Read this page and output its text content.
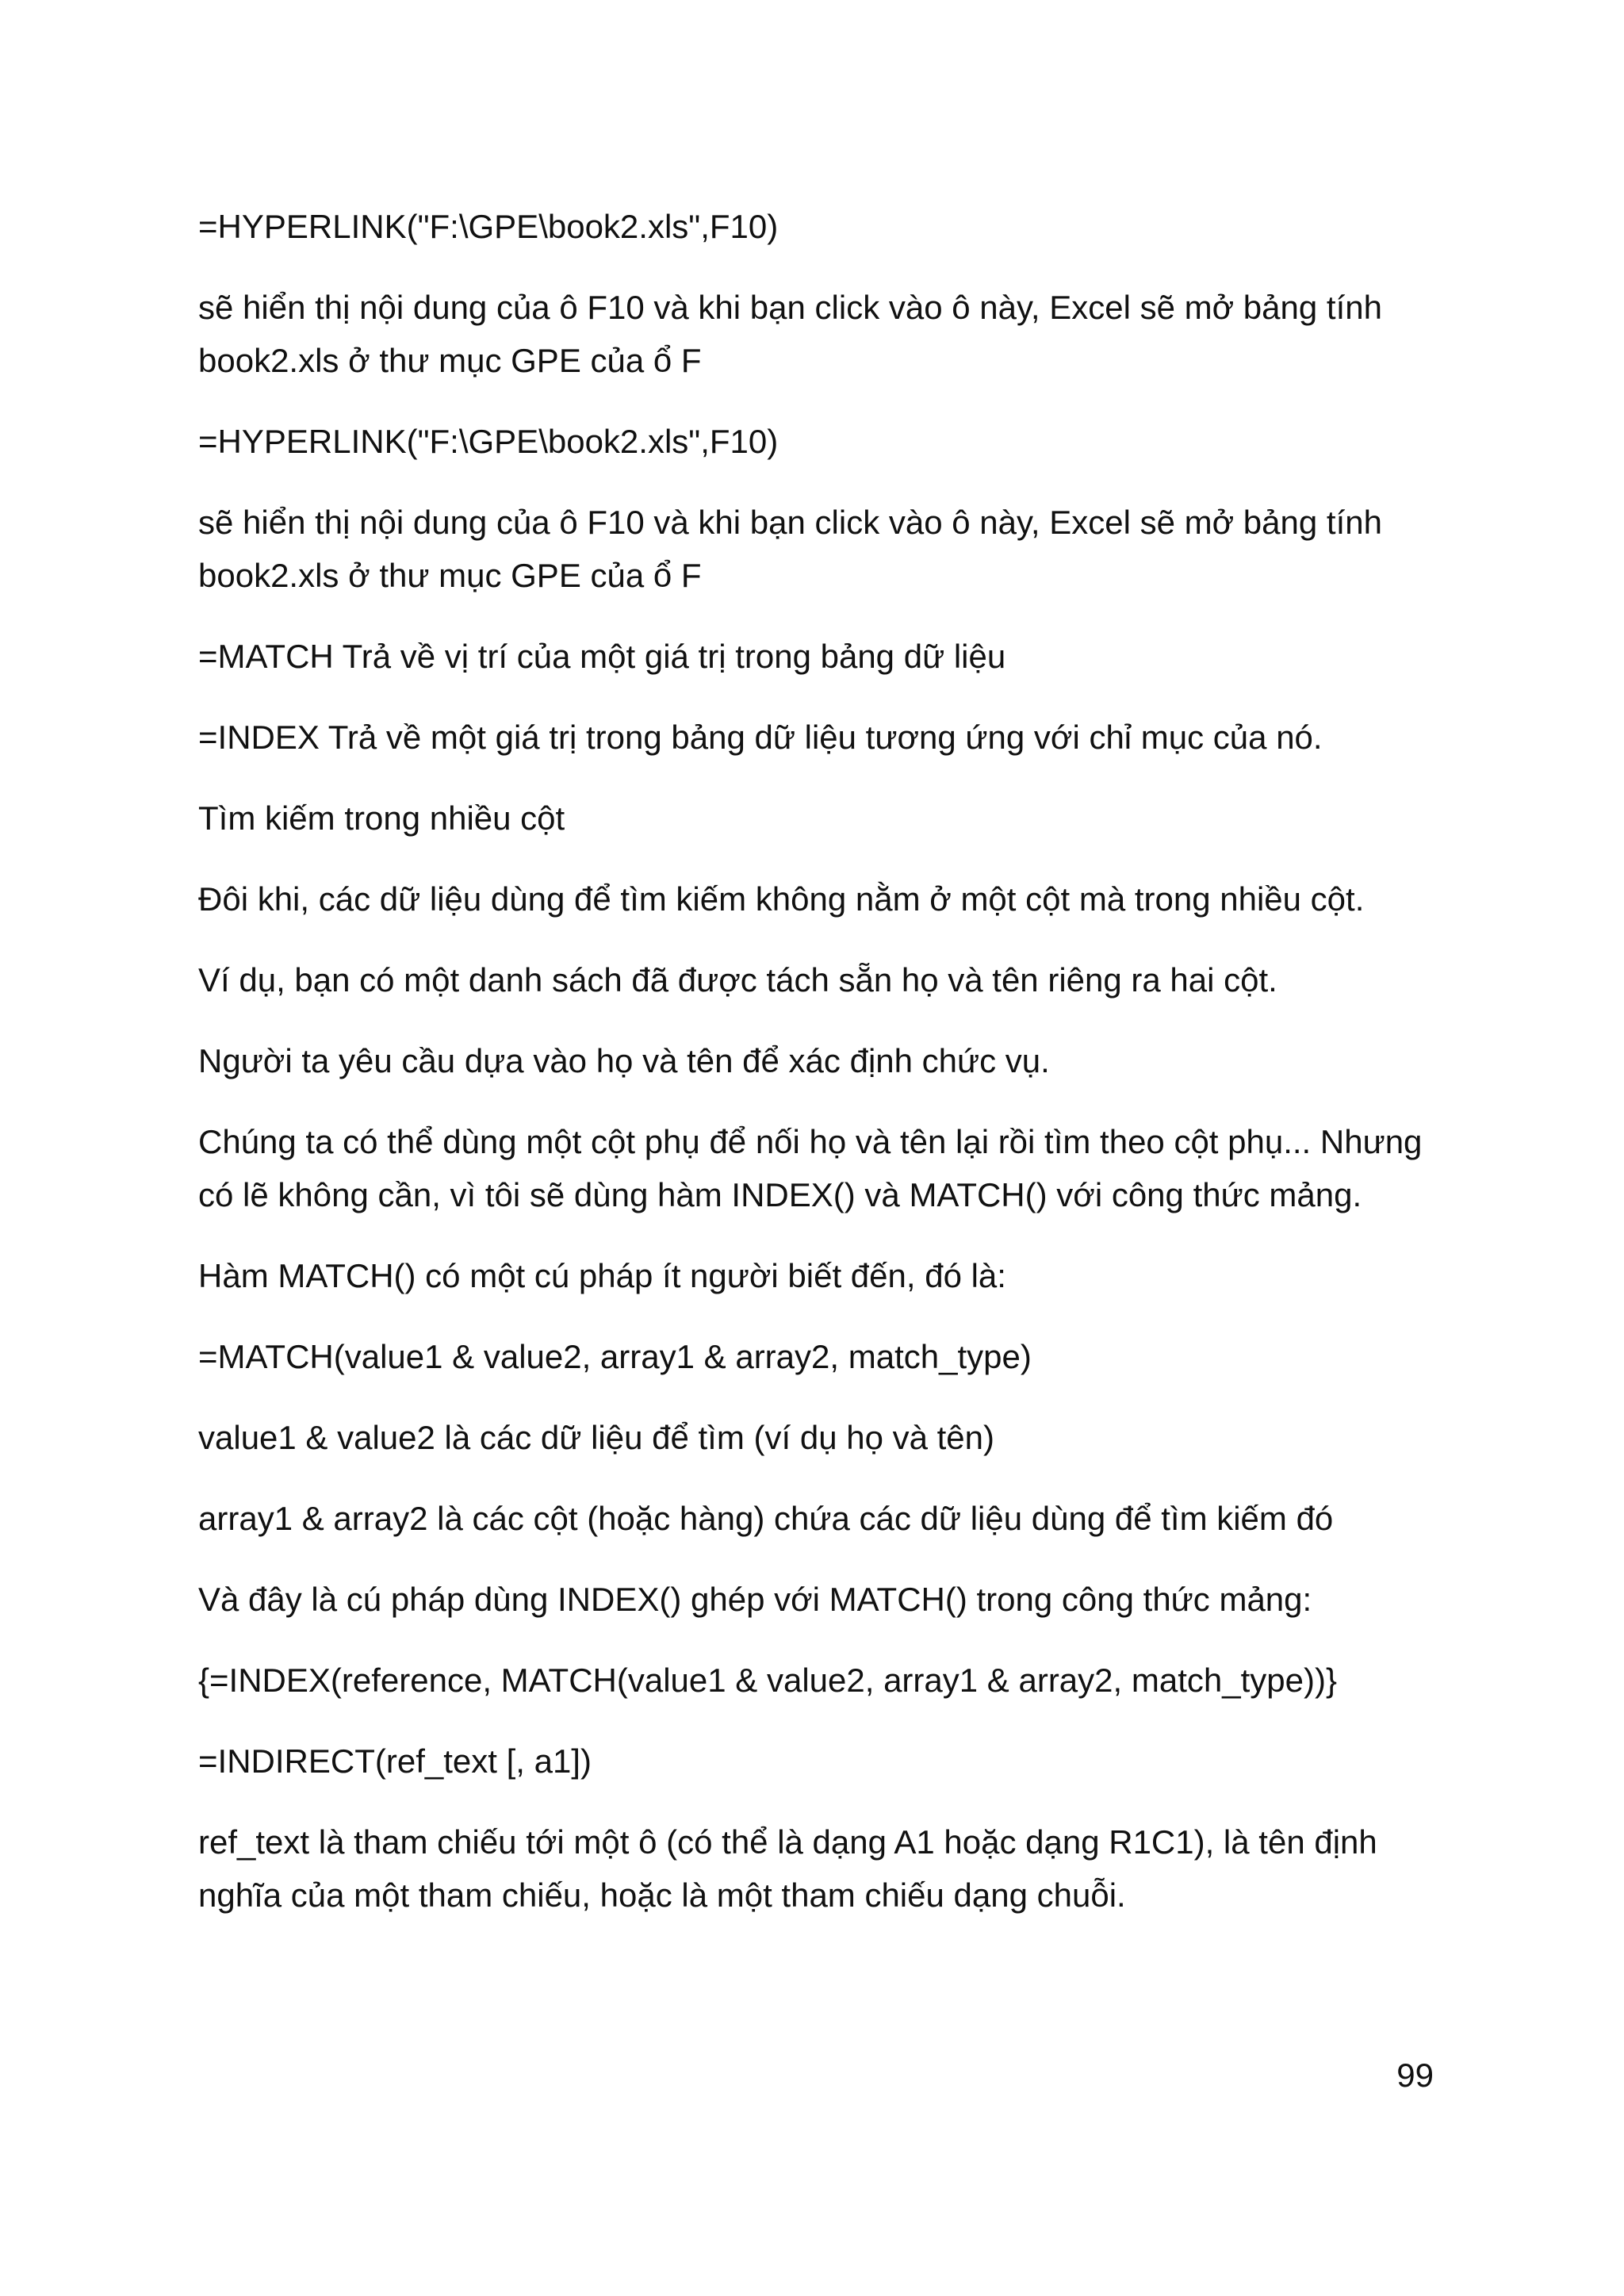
=HYPERLINK("F:\GPE\book2.xls",F10)

sẽ hiển thị nội dung của ô F10 và khi bạn click vào ô này, Excel sẽ mở bảng tính book2.xls ở thư mục GPE của ổ F

=HYPERLINK("F:\GPE\book2.xls",F10)

sẽ hiển thị nội dung của ô F10 và khi bạn click vào ô này, Excel sẽ mở bảng tính book2.xls ở thư mục GPE của ổ F

=MATCH Trả về vị trí của một giá trị trong bảng dữ liệu

=INDEX Trả về một giá trị trong bảng dữ liệu tương ứng với chỉ mục của nó.

Tìm kiếm trong nhiều cột

Đôi khi, các dữ liệu dùng để tìm kiếm không nằm ở một cột mà trong nhiều cột.

Ví dụ, bạn có một danh sách đã được tách sẵn họ và tên riêng ra hai cột.

Người ta yêu cầu dựa vào họ và tên để xác định chức vụ.

Chúng ta có thể dùng một cột phụ để nối họ và tên lại rồi tìm theo cột phụ... Nhưng có lẽ không cần, vì tôi sẽ dùng hàm INDEX() và MATCH() với công thức mảng.

Hàm MATCH() có một cú pháp ít người biết đến, đó là:

=MATCH(value1 & value2, array1 & array2, match_type)

value1 & value2 là các dữ liệu để tìm (ví dụ họ và tên)

array1 & array2 là các cột (hoặc hàng) chứa các dữ liệu dùng để tìm kiếm đó

Và đây là cú pháp dùng INDEX() ghép với MATCH() trong công thức mảng:

{=INDEX(reference, MATCH(value1 & value2, array1 & array2, match_type))}

=INDIRECT(ref_text [, a1])

ref_text là tham chiếu tới một ô (có thể là dạng A1 hoặc dạng R1C1), là tên định nghĩa của một tham chiếu, hoặc là một tham chiếu dạng chuỗi.

99
